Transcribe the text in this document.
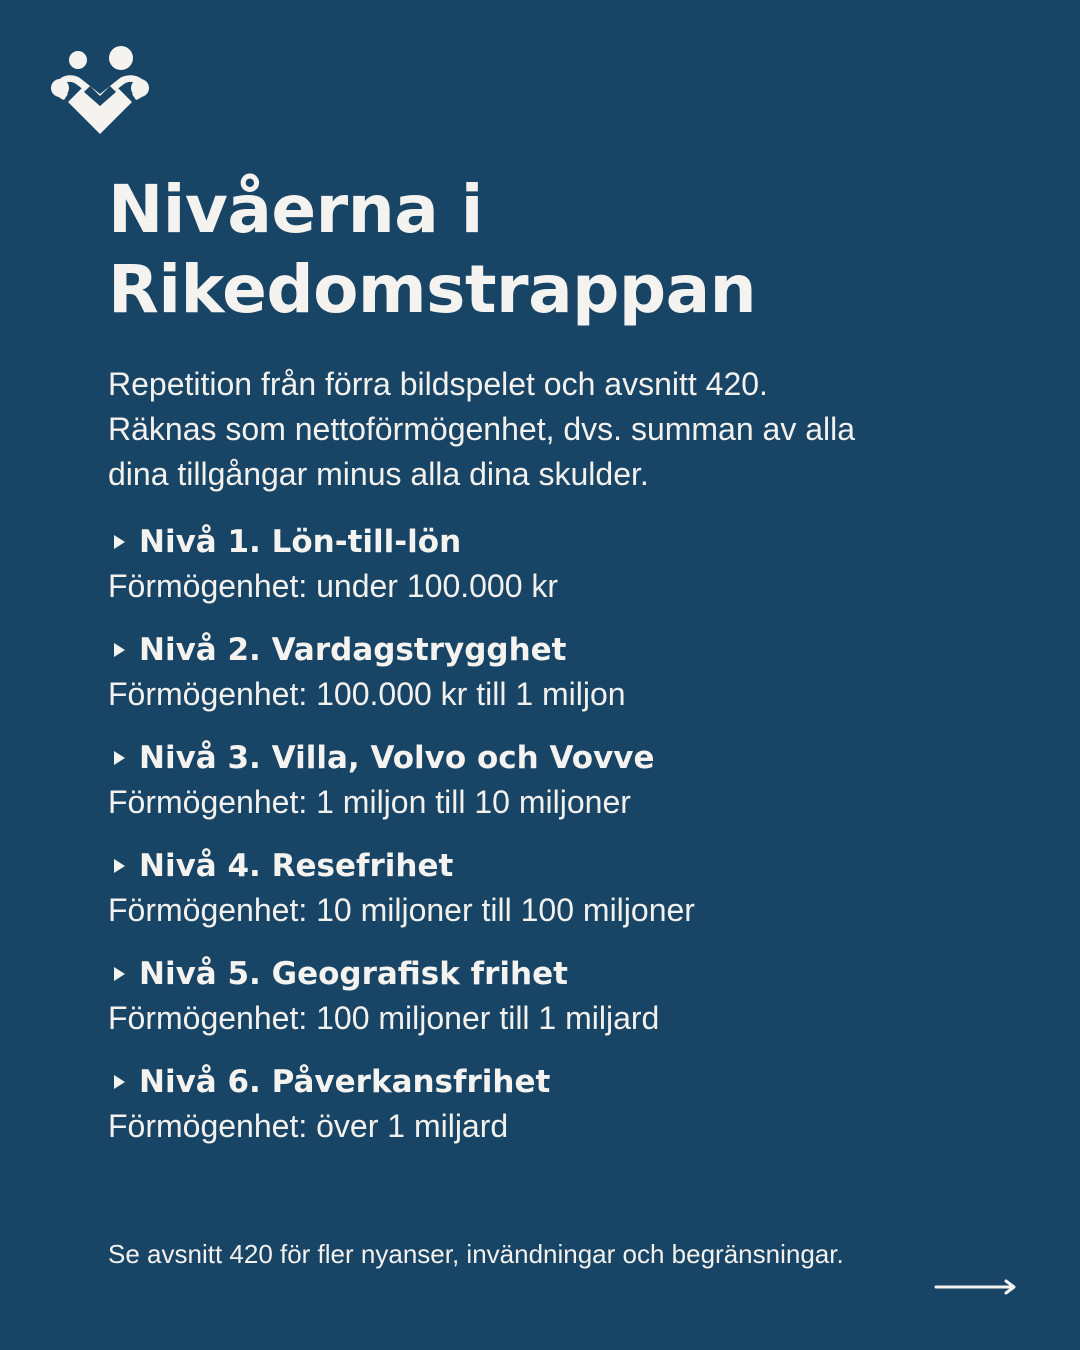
Nivåerna i
Rikedomstrappan

Repetition från förra bildspelet och avsnitt 420.
Räknas som nettoförmögenhet, dvs. summan av alla
dina tillgångar minus alla dina skulder.

Nivå 1. Lön-till-lön
Förmögenhet: under 100.000 kr
Nivå 2. Vardagstrygghet
Förmögenhet: 100.000 kr till 1 miljon
Nivå 3. Villa, Volvo och Vovve
Förmögenhet: 1 miljon till 10 miljoner
Nivå 4. Resefrihet
Förmögenhet: 10 miljoner till 100 miljoner
Nivå 5. Geografisk frihet
Förmögenhet: 100 miljoner till 1 miljard
Nivå 6. Påverkansfrihet
Förmögenhet: över 1 miljard

Se avsnitt 420 för fler nyanser, invändningar och begränsningar.
